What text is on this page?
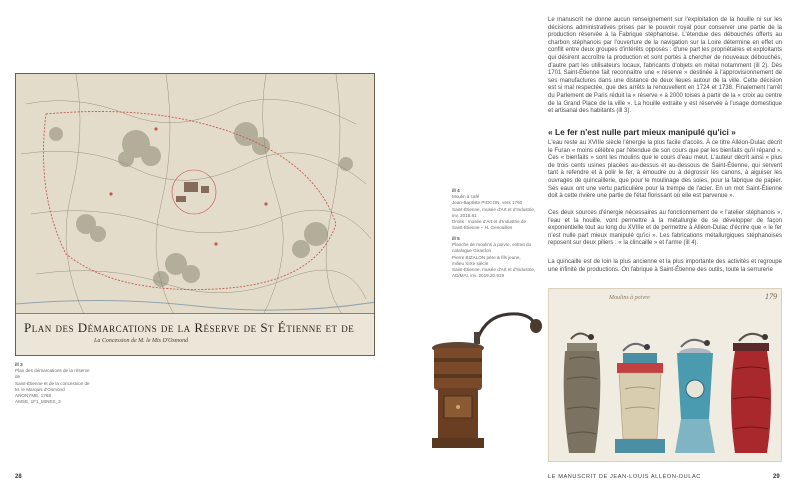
Plan des Démarcations de la Réserve de St Étienne et de
La Concession de M. le Mis D'Osmond
ill 3
Plan des démarcations de la réserve de
Saint-Étienne et de la concession de
M. le Marquis d'Osmond
ANONYME, 1768
AMSE, 1F1_MINES_3
ill 4
Moulin à café
Jean-Baptiste PIOCON, vers 1760
Saint-Étienne, musée d'Art et d'Industrie,
inv. 2018.61
Droits : musée d'Art et d'Industrie de
Saint-Étienne – H. Genouilles
ill 5
Planche de moulins à poivre, extrait du
catalogue Girardon
Pierre BIZALON père & fils jeune,
milieu XIXe siècle
Saint-Étienne, musée d'Art et d'Industrie,
AD/MAI, inv. 2019.20.919
Le manuscrit ne donne aucun renseignement sur l'exploitation de la houille ni sur les décisions administratives prises par le pouvoir royal pour conserver une partie de la production réservée à la Fabrique stéphanoise. L'étendue des débouchés offerts au charbon stéphanois par l'ouverture de la navigation sur la Loire détermine en effet un conflit entre deux groupes d'intérêts opposés : d'une part les propriétaires et exploitants qui désirent accroître la production et sont portés à chercher de nouveaux débouchés, d'autre part les utilisateurs locaux, fabricants d'objets en métal notamment (ill 2). Dès 1701 Saint-Étienne fait reconnaître une « réserve » destinée à l'approvisionnement de ses manufactures dans une distance de deux lieues autour de la ville. Cette décision est si mal respectée, que des arrêts la renouvellent en 1724 et 1738. Finalement l'arrêt du Parlement de Paris réduit la « réserve » à 2000 toises à partir de la « croix au centre de la Grand Place de la ville ». La houille extraite y est réservée à l'usage domestique et artisanal des habitants (ill 3).
« Le fer n'est nulle part mieux manipulé qu'ici »
L'eau reste au XVIIIe siècle l'énergie la plus facile d'accès. À ce titre Alléon-Dulac décrit le Furan « moins célèbre par l'étendue de son cours que par les bienfaits qu'il répand ». Ces « bienfaits » sont les moulins que le cours d'eau meut. L'auteur décrit ainsi « plus de trois cents usines placées au-dessus et au-dessous de Saint-Étienne, qui servent tant à refendre et à polir le fer, à émoudre ou à dégrossir les canons, à aiguiser les ouvrages de quincaillerie, que pour le moulinage des soies, pour la fabrique de papier. Ses eaux ont une vertu particulière pour la trempe de l'acier. En un mot Saint-Étienne doit à cette rivière une partie de l'état florissant où elle est parvenue ».
Ces deux sources d'énergie nécessaires au fonctionnement de « l'atelier stéphanois », l'eau et la houille, vont permettre à la métallurgie de se développer de façon exponentielle tout au long du XVIIIe et de permettre à Alléon-Dulac d'écrire que « le fer n'est nulle part mieux manipulé qu'ici ». Les fabrications métallurgiques stéphanoises reposent sur deux piliers : « la clincaille » et l'arme (ill 4).
La quincaille est de loin la plus ancienne et la plus importante des activités et regroupe une infinité de productions. On fabrique à Saint-Étienne des outils, toute la serrurerie
Moulins à poivre	179
28	LE MANUSCRIT DE JEAN-LOUIS ALLÉON-DULAC	29
